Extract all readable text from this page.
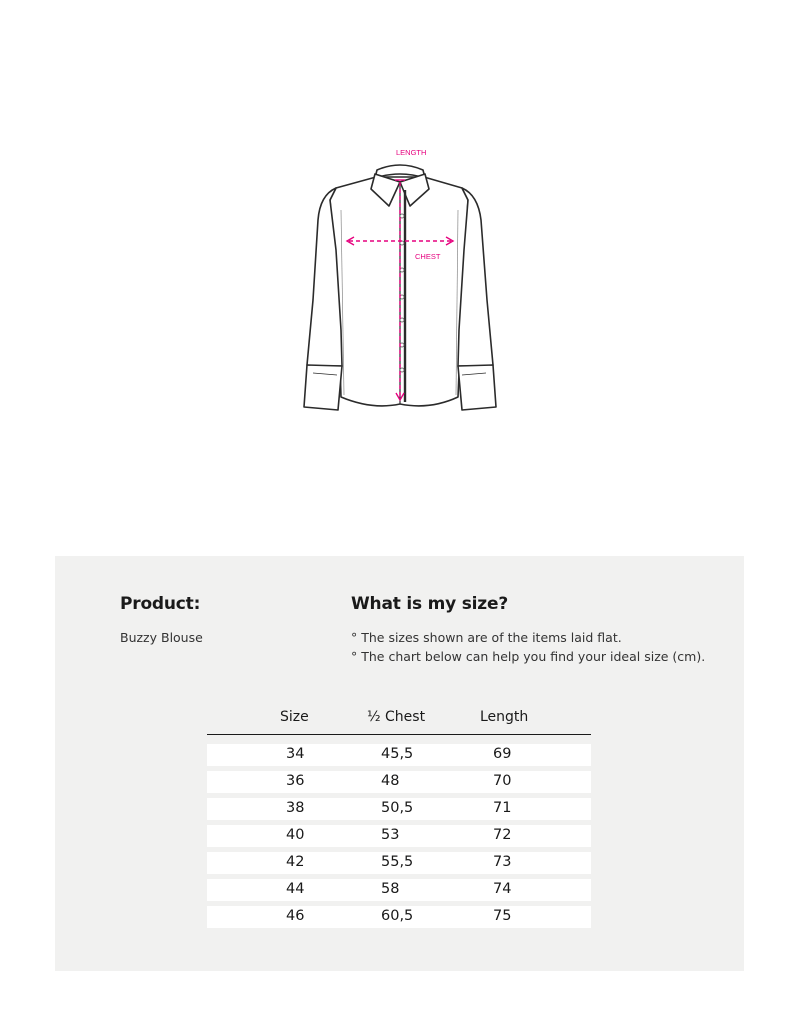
LENGTH
CHEST
Product:	What is my size?
Buzzy Blouse	° The sizes shown are of the items laid flat.
° The chart below can help you find your ideal size (cm).
Size	½ Chest	Length
34	45,5	69
36	48	70
38	50,5	71
40	53	72
42	55,5	73
44	58	74
46	60,5	75
